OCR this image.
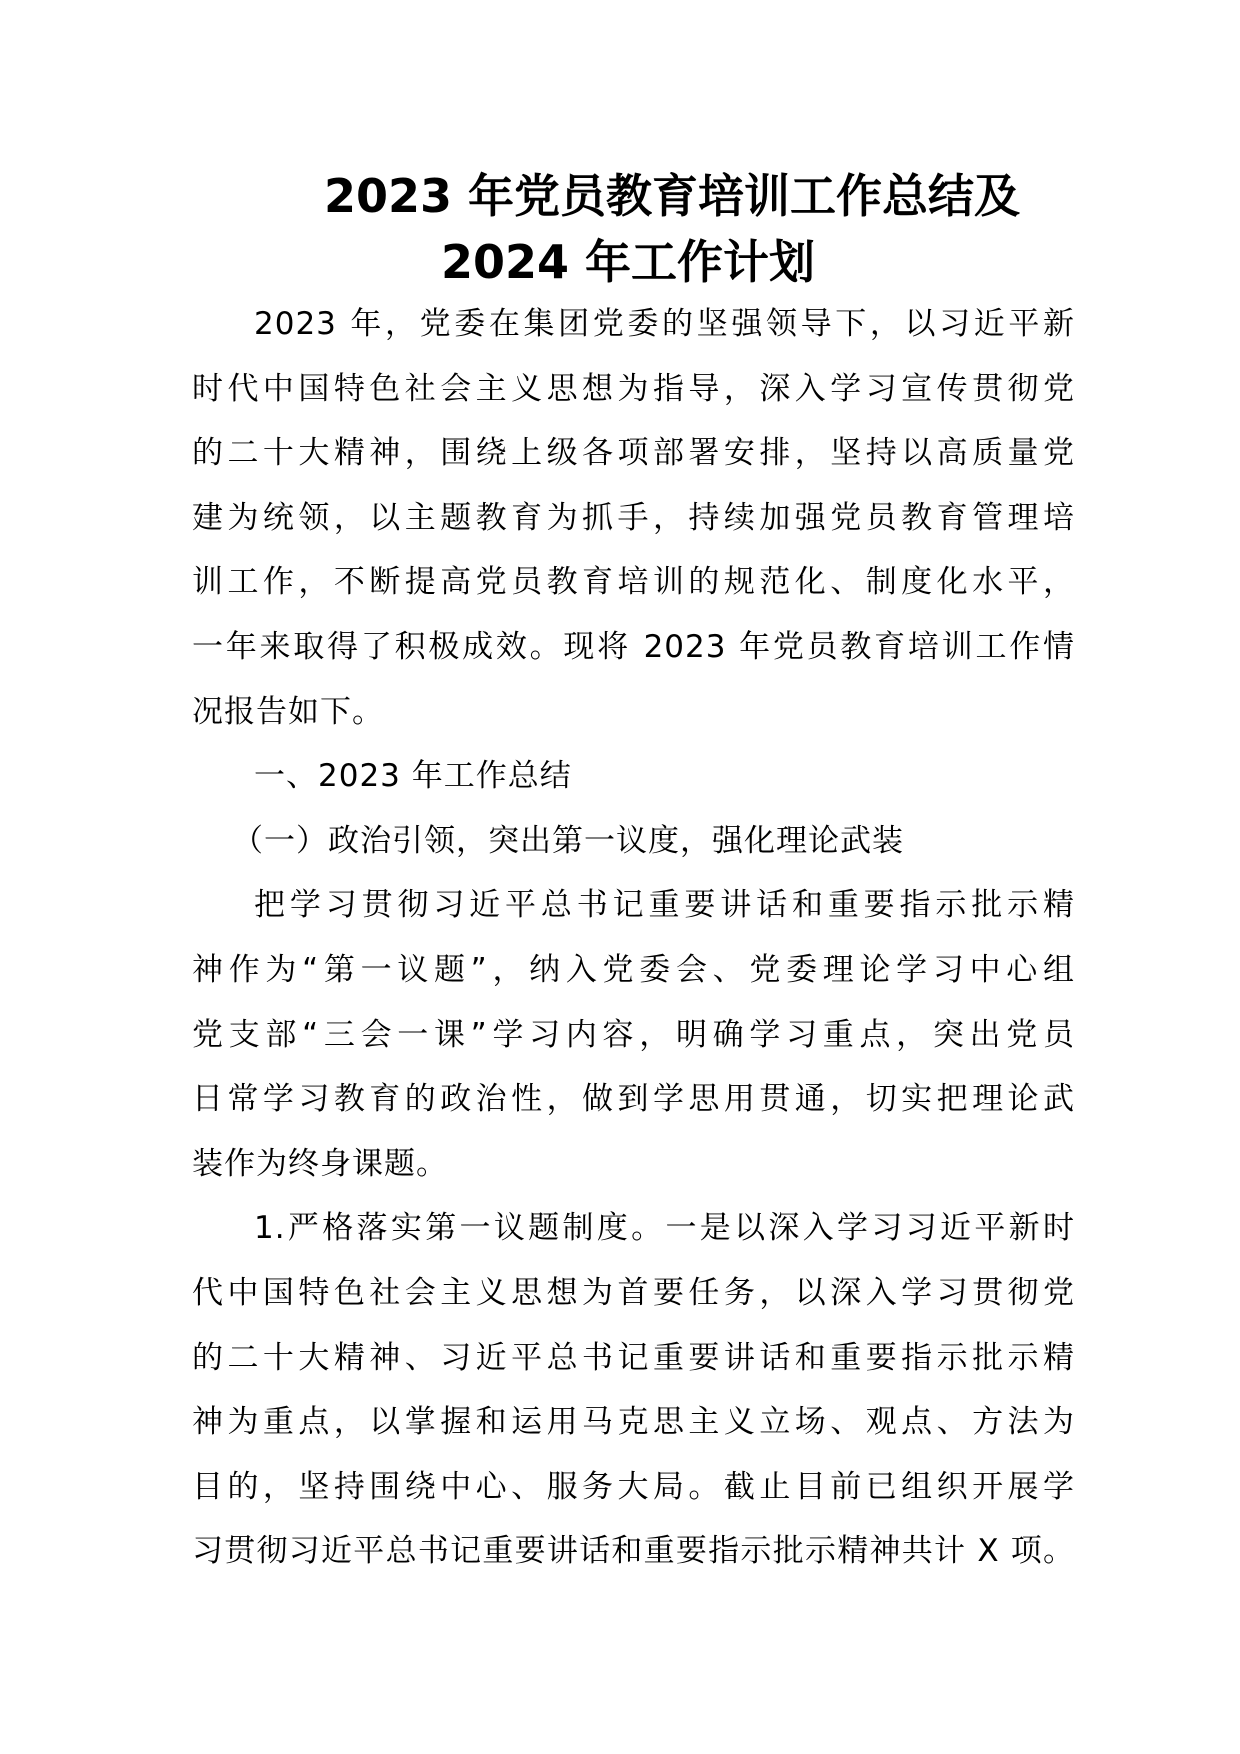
2023 年党员教育培训工作总结及
2024 年工作计划
2023 年，党委在集团党委的坚强领导下，以习近平新
时代中国特色社会主义思想为指导，深入学习宣传贯彻党
的二十大精神，围绕上级各项部署安排，坚持以高质量党
建为统领，以主题教育为抓手，持续加强党员教育管理培
训工作，不断提高党员教育培训的规范化、制度化水平，
一年来取得了积极成效。现将 2023 年党员教育培训工作情
况报告如下。
一、2023 年工作总结
（一）政治引领，突出第一议度，强化理论武装
把学习贯彻习近平总书记重要讲话和重要指示批示精
神作为“第一议题”，纳入党委会、党委理论学习中心组
党支部“三会一课”学习内容，明确学习重点，突出党员
日常学习教育的政治性，做到学思用贯通，切实把理论武
装作为终身课题。
1.严格落实第一议题制度。一是以深入学习习近平新时
代中国特色社会主义思想为首要任务，以深入学习贯彻党
的二十大精神、习近平总书记重要讲话和重要指示批示精
神为重点，以掌握和运用马克思主义立场、观点、方法为
目的，坚持围绕中心、服务大局。截止目前已组织开展学
习贯彻习近平总书记重要讲话和重要指示批示精神共计 X 项。
